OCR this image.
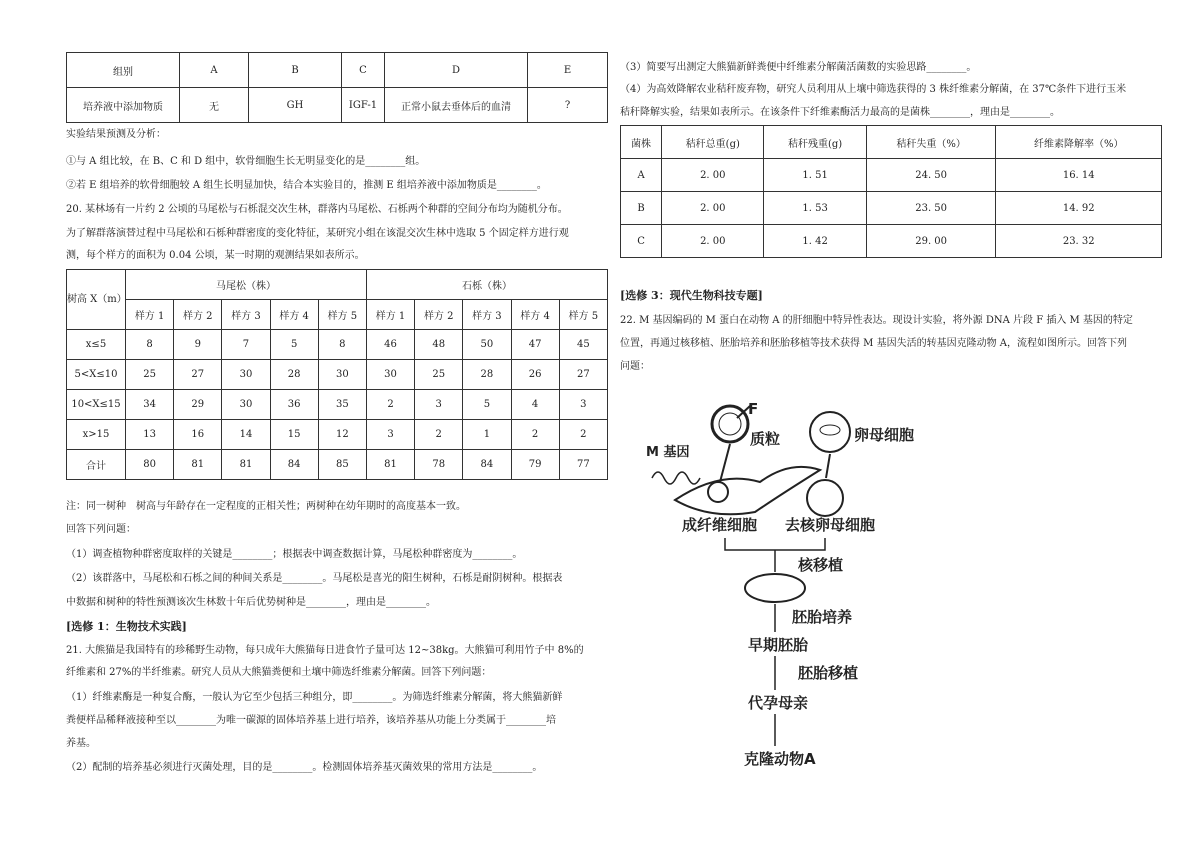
组别	A	B	C	D	E
培养液中添加物质	无	GH	IGF-1	正常小鼠去垂体后的血清	?
实验结果预测及分析：
①与 A 组比较，在 B、C 和 D 组中，软骨细胞生长无明显变化的是________组。
②若 E 组培养的软骨细胞较 A 组生长明显加快，结合本实验目的，推测 E 组培养液中添加物质是________。
20. 某林场有一片约 2 公顷的马尾松与石栎混交次生林，群落内马尾松、石栎两个种群的空间分布均为随机分布。
为了解群落演替过程中马尾松和石栎种群密度的变化特征，某研究小组在该混交次生林中选取 5 个固定样方进行观
测，每个样方的面积为 0.04 公顷，某一时期的观测结果如表所示。
树高 X（m）	马尾松（株）					石栎（株）				
	样方 1	样方 2	样方 3	样方 4	样方 5	样方 1	样方 2	样方 3	样方 4	样方 5
x≤5	8	9	7	5	8	46	48	50	47	45
5<X≤10	25	27	30	28	30	30	25	28	26	27
10<X≤15	34	29	30	36	35	2	3	5	4	3
x>15	13	16	14	15	12	3	2	1	2	2
合计	80	81	81	84	85	81	78	84	79	77
注：同一树种　树高与年龄存在一定程度的正相关性；两树种在幼年期时的高度基本一致。
回答下列问题：
（1）调查植物种群密度取样的关键是________；根据表中调查数据计算，马尾松种群密度为________。
（2）该群落中，马尾松和石栎之间的种间关系是________。马尾松是喜光的阳生树种，石栎是耐阴树种。根据表
中数据和树种的特性预测该次生林数十年后优势树种是________，理由是________。
[选修 1：生物技术实践]
21. 大熊猫是我国特有的珍稀野生动物，每只成年大熊猫每日进食竹子量可达 12~38kg。大熊猫可利用竹子中 8%的
纤维素和 27%的半纤维素。研究人员从大熊猫粪便和土壤中筛选纤维素分解菌。回答下列问题：
（1）纤维素酶是一种复合酶，一般认为它至少包括三种组分，即________。为筛选纤维素分解菌，将大熊猫新鲜
粪便样品稀释液接种至以________为唯一碳源的固体培养基上进行培养，该培养基从功能上分类属于________培
养基。
（2）配制的培养基必须进行灭菌处理，目的是________。检测固体培养基灭菌效果的常用方法是________。
（3）简要写出测定大熊猫新鲜粪便中纤维素分解菌活菌数的实验思路________。
（4）为高效降解农业秸秆废弃物，研究人员利用从上壤中筛选获得的 3 株纤维素分解菌，在 37℃条件下进行玉米
秸秆降解实验，结果如表所示。在该条件下纤维素酶活力最高的是菌株________，理由是________。
菌株	秸秆总重(g)	秸秆残重(g)	秸秆失重（%）	纤维素降解率（%）
A	2. 00	1. 51	24. 50	16. 14
B	2. 00	1. 53	23. 50	14. 92
C	2. 00	1. 42	29. 00	23. 32
[选修 3：现代生物科技专题]
22. M 基因编码的 M 蛋白在动物 A 的肝细胞中特异性表达。现设计实验，将外源 DNA 片段 F 插入 M 基因的特定
位置，再通过核移植、胚胎培养和胚胎移植等技术获得 M 基因失活的转基因克隆动物 A，流程如图所示。回答下列
问题：
F
质粒	卵母细胞
M 基因
成纤维细胞 去核卵母细胞
核移植
胚胎培养
早期胚胎
胚胎移植
代孕母亲
克隆动物A
